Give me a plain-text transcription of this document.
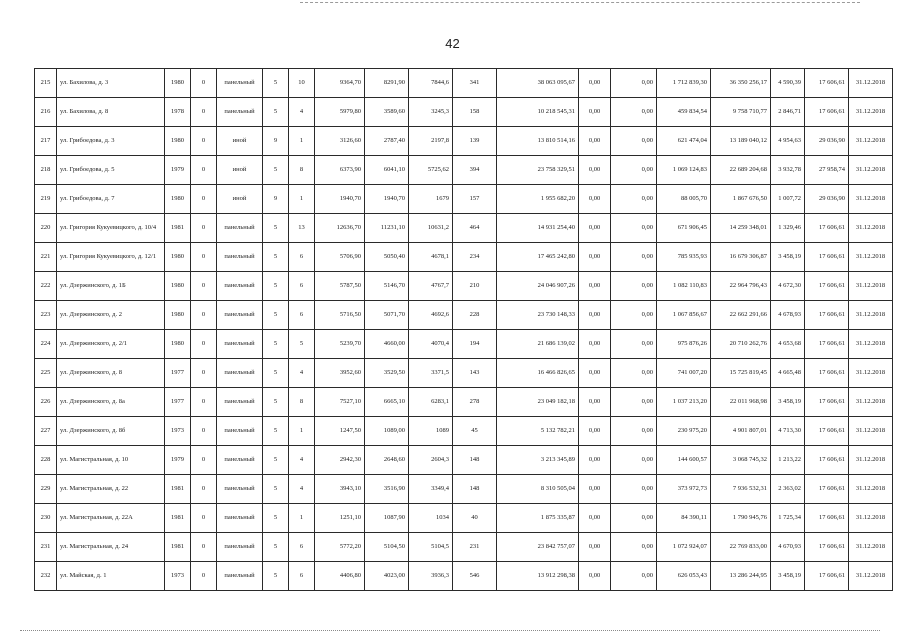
42
215	ул. Бахилова, д. 3	1980	0	панельный	5	10	9364,70	8291,90	7844,6	341	38 063 095,67	0,00	0,00	1 712 839,30	36 350 256,17	4 590,39	17 606,61	31.12.2018
216	ул. Бахилова, д. 8	1978	0	панельный	5	4	5979,80	3589,60	3245,3	158	10 218 545,31	0,00	0,00	459 834,54	9 758 710,77	2 846,71	17 606,61	31.12.2018
217	ул. Грибоедова, д. 3	1980	0	иной	9	1	3126,60	2787,40	2197,8	139	13 810 514,16	0,00	0,00	621 474,04	13 189 040,12	4 954,63	29 036,90	31.12.2018
218	ул. Грибоедова, д. 5	1979	0	иной	5	8	6373,90	6041,10	5725,62	394	23 758 329,51	0,00	0,00	1 069 124,83	22 689 204,68	3 932,78	27 958,74	31.12.2018
219	ул. Грибоедова, д. 7	1980	0	иной	9	1	1940,70	1940,70	1679	157	1 955 682,20	0,00	0,00	88 005,70	1 867 676,50	1 007,72	29 036,90	31.12.2018
220	ул. Григория Кукуевицкого, д. 10/4	1981	0	панельный	5	13	12636,70	11231,10	10631,2	464	14 931 254,40	0,00	0,00	671 906,45	14 259 348,01	1 329,46	17 606,61	31.12.2018
221	ул. Григория Кукуевицкого, д. 12/1	1980	0	панельный	5	6	5706,90	5050,40	4678,1	234	17 465 242,80	0,00	0,00	785 935,93	16 679 306,87	3 458,19	17 606,61	31.12.2018
222	ул. Дзержинского, д. 1Б	1980	0	панельный	5	6	5787,50	5146,70	4767,7	210	24 046 907,26	0,00	0,00	1 082 110,83	22 964 796,43	4 672,30	17 606,61	31.12.2018
223	ул. Дзержинского, д. 2	1980	0	панельный	5	6	5716,50	5071,70	4692,6	228	23 730 148,33	0,00	0,00	1 067 856,67	22 662 291,66	4 678,93	17 606,61	31.12.2018
224	ул. Дзержинского, д. 2/1	1980	0	панельный	5	5	5239,70	4660,00	4070,4	194	21 686 139,02	0,00	0,00	975 876,26	20 710 262,76	4 653,68	17 606,61	31.12.2018
225	ул. Дзержинского, д. 8	1977	0	панельный	5	4	3952,60	3529,50	3371,5	143	16 466 826,65	0,00	0,00	741 007,20	15 725 819,45	4 665,48	17 606,61	31.12.2018
226	ул. Дзержинского, д. 8а	1977	0	панельный	5	8	7527,10	6665,10	6283,1	278	23 049 182,18	0,00	0,00	1 037 213,20	22 011 968,98	3 458,19	17 606,61	31.12.2018
227	ул. Дзержинского, д. 8б	1973	0	панельный	5	1	1247,50	1089,00	1089	45	5 132 782,21	0,00	0,00	230 975,20	4 901 807,01	4 713,30	17 606,61	31.12.2018
228	ул. Магистральная, д. 10	1979	0	панельный	5	4	2942,30	2648,60	2604,3	148	3 213 345,89	0,00	0,00	144 600,57	3 068 745,32	1 213,22	17 606,61	31.12.2018
229	ул. Магистральная, д. 22	1981	0	панельный	5	4	3943,10	3516,90	3349,4	148	8 310 505,04	0,00	0,00	373 972,73	7 936 532,31	2 363,02	17 606,61	31.12.2018
230	ул. Магистральная, д. 22А	1981	0	панельный	5	1	1251,10	1087,90	1034	40	1 875 335,87	0,00	0,00	84 390,11	1 790 945,76	1 725,34	17 606,61	31.12.2018
231	ул. Магистральная, д. 24	1981	0	панельный	5	6	5772,20	5104,50	5104,5	231	23 842 757,07	0,00	0,00	1 072 924,07	22 769 833,00	4 670,93	17 606,61	31.12.2018
232	ул. Майская, д. 1	1973	0	панельный	5	6	4406,80	4023,00	3936,3	546	13 912 298,38	0,00	0,00	626 053,43	13 286 244,95	3 458,19	17 606,61	31.12.2018
